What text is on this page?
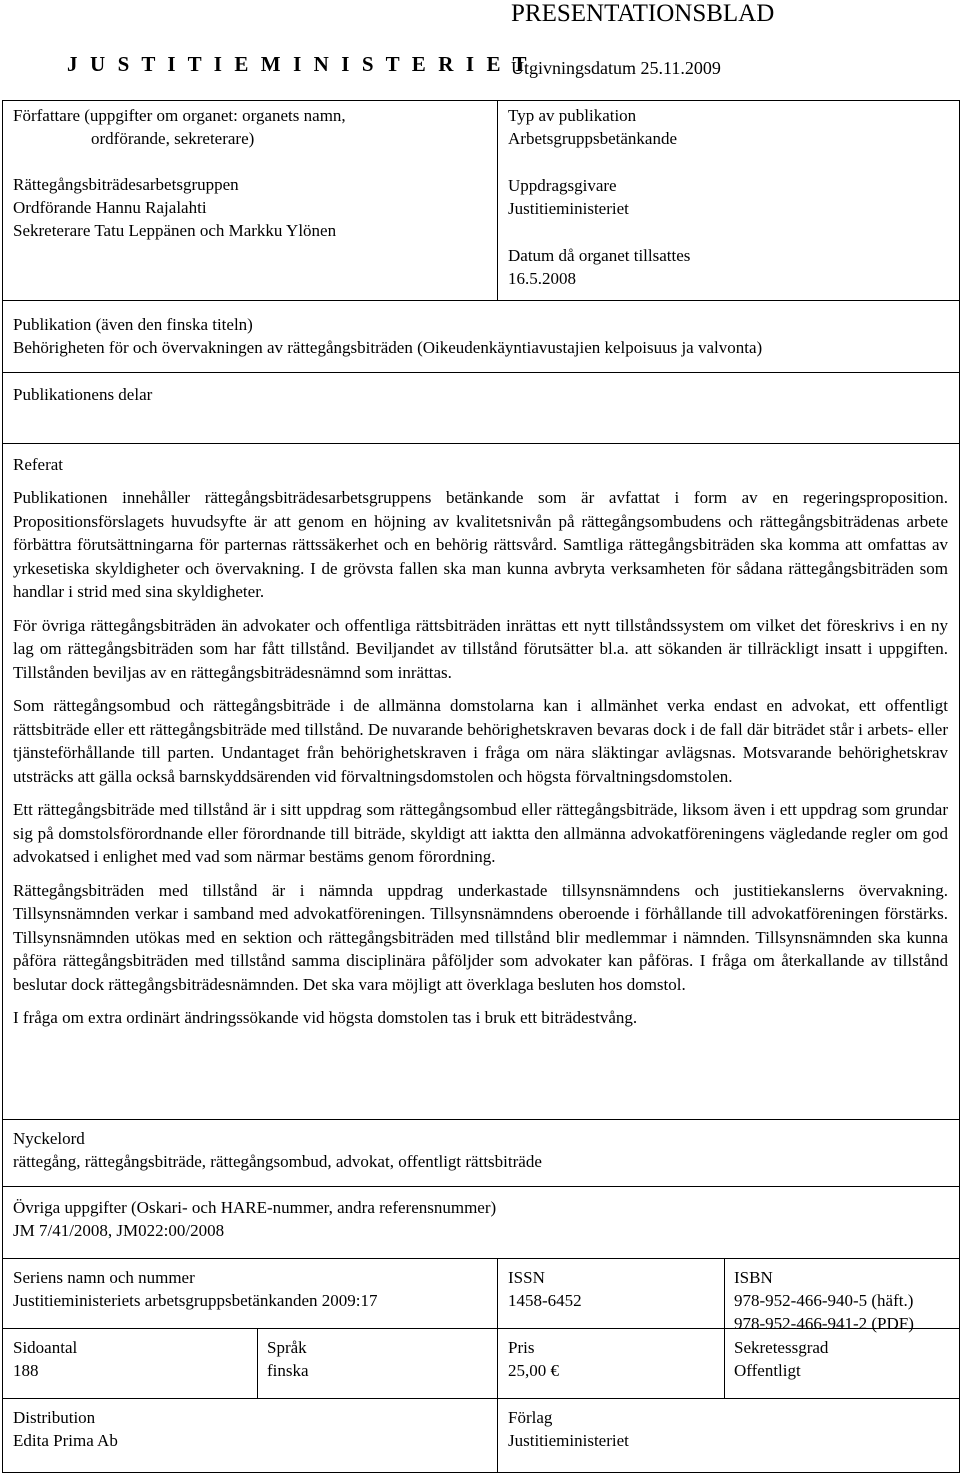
PRESENTATIONSBLAD
J U S T I T I E M I N I S T E R I E T
Utgivningsdatum 25.11.2009
Författare (uppgifter om organet: organets namn,
ordförande, sekreterare)
Rättegångsbiträdesarbetsgruppen
Ordförande Hannu Rajalahti
Sekreterare Tatu Leppänen och Markku Ylönen
Typ av publikation
Arbetsgruppsbetänkande
Uppdragsgivare
Justitieministeriet
Datum då organet tillsattes
16.5.2008
Publikation (även den finska titeln)
Behörigheten för och övervakningen av rättegångsbiträden (Oikeudenkäyntiavustajien kelpoisuus ja valvonta)
Publikationens delar
Referat

Publikationen innehåller rättegångsbiträdesarbetsgruppens betänkande som är avfattat i form av en regeringsproposition. Propositionsförslagets huvudsyfte är att genom en höjning av kvalitetsnivån på rättegångsombudens och rättegångsbiträdenas arbete förbättra förutsättningarna för parternas rättssäkerhet och en behörig rättsvård. Samtliga rättegångsbiträden ska komma att omfattas av yrkesetiska skyldigheter och övervakning. I de grövsta fallen ska man kunna avbryta verksamheten för sådana rättegångsbiträden som handlar i strid med sina skyldigheter.

För övriga rättegångsbiträden än advokater och offentliga rättsbiträden inrättas ett nytt tillståndssystem om vilket det föreskrivs i en ny lag om rättegångsbiträden som har fått tillstånd. Beviljandet av tillstånd förutsätter bl.a. att sökanden är tillräckligt insatt i uppgiften. Tillstånden beviljas av en rättegångsbiträdesnämnd som inrättas.

Som rättegångsombud och rättegångsbiträde i de allmänna domstolarna kan i allmänhet verka endast en advokat, ett offentligt rättsbiträde eller ett rättegångsbiträde med tillstånd. De nuvarande behörighetskraven bevaras dock i de fall där biträdet står i arbets- eller tjänsteförhållande till parten. Undantaget från behörighetskraven i fråga om nära släktingar avlägsnas. Motsvarande behörighetskrav utsträcks att gälla också barnskyddsärenden vid förvaltningsdomstolen och högsta förvaltningsdomstolen.

Ett rättegångsbiträde med tillstånd är i sitt uppdrag som rättegångsombud eller rättegångsbiträde, liksom även i ett uppdrag som grundar sig på domstolsförordnande eller förordnande till biträde, skyldigt att iaktta den allmänna advokatföreningens vägledande regler om god advokatsed i enlighet med vad som närmar bestäms genom förordning.

Rättegångsbiträden med tillstånd är i nämnda uppdrag underkastade tillsynsnämndens och justitiekanslerns övervakning. Tillsynsnämnden verkar i samband med advokatföreningen. Tillsynsnämndens oberoende i förhållande till advokatföreningen förstärks. Tillsynsnämnden utökas med en sektion och rättegångsbiträden med tillstånd blir medlemmar i nämnden. Tillsynsnämnden ska kunna påföra rättegångsbiträden med tillstånd samma disciplinära påföljder som advokater kan påföras. I fråga om återkallande av tillstånd beslutar dock rättegångsbiträdesnämnden. Det ska vara möjligt att överklaga besluten hos domstol.

I fråga om extra ordinärt ändringssökande vid högsta domstolen tas i bruk ett biträdestvång.

Nyckelord
rättegång, rättegångsbiträde, rättegångsombud, advokat, offentligt rättsbiträde
Övriga uppgifter (Oskari- och HARE-nummer, andra referensnummer)
JM 7/41/2008, JM022:00/2008
Seriens namn och nummer
Justitieministeriets arbetsgruppsbetänkanden 2009:17
ISSN
1458-6452
ISBN
978-952-466-940-5 (häft.)
978-952-466-941-2 (PDF)
Sidoantal
188
Språk
finska
Pris
25,00 €
Sekretessgrad
Offentligt
Distribution
Edita Prima Ab
Förlag
Justitieministeriet
